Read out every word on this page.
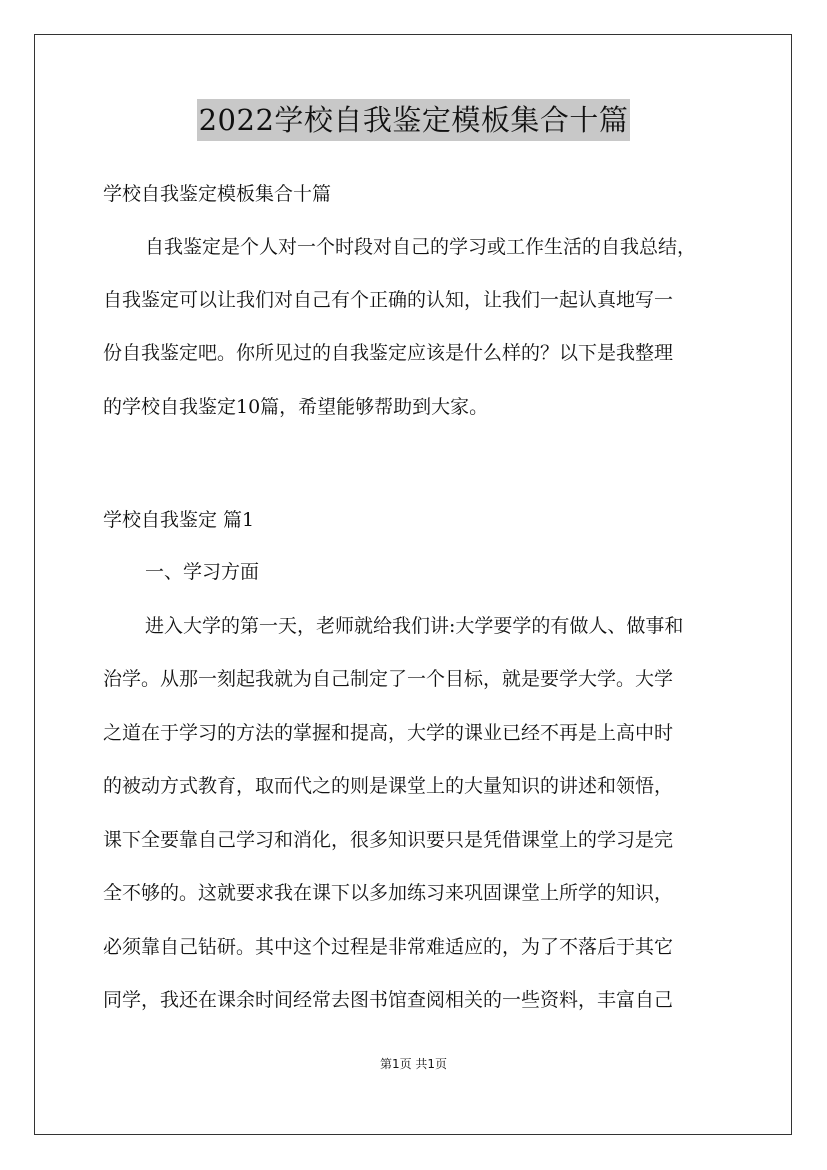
2022学校自我鉴定模板集合十篇
学校自我鉴定模板集合十篇
自我鉴定是个人对一个时段对自己的学习或工作生活的自我总结，
自我鉴定可以让我们对自己有个正确的认知，让我们一起认真地写一
份自我鉴定吧。你所见过的自我鉴定应该是什么样的？以下是我整理
的学校自我鉴定10篇，希望能够帮助到大家。
学校自我鉴定 篇1
一、学习方面
进入大学的第一天，老师就给我们讲:大学要学的有做人、做事和
治学。从那一刻起我就为自己制定了一个目标，就是要学大学。大学
之道在于学习的方法的掌握和提高，大学的课业已经不再是上高中时
的被动方式教育，取而代之的则是课堂上的大量知识的讲述和领悟，
课下全要靠自己学习和消化，很多知识要只是凭借课堂上的学习是完
全不够的。这就要求我在课下以多加练习来巩固课堂上所学的知识，
必须靠自己钻研。其中这个过程是非常难适应的，为了不落后于其它
同学，我还在课余时间经常去图书馆查阅相关的一些资料，丰富自己
第1页 共1页
